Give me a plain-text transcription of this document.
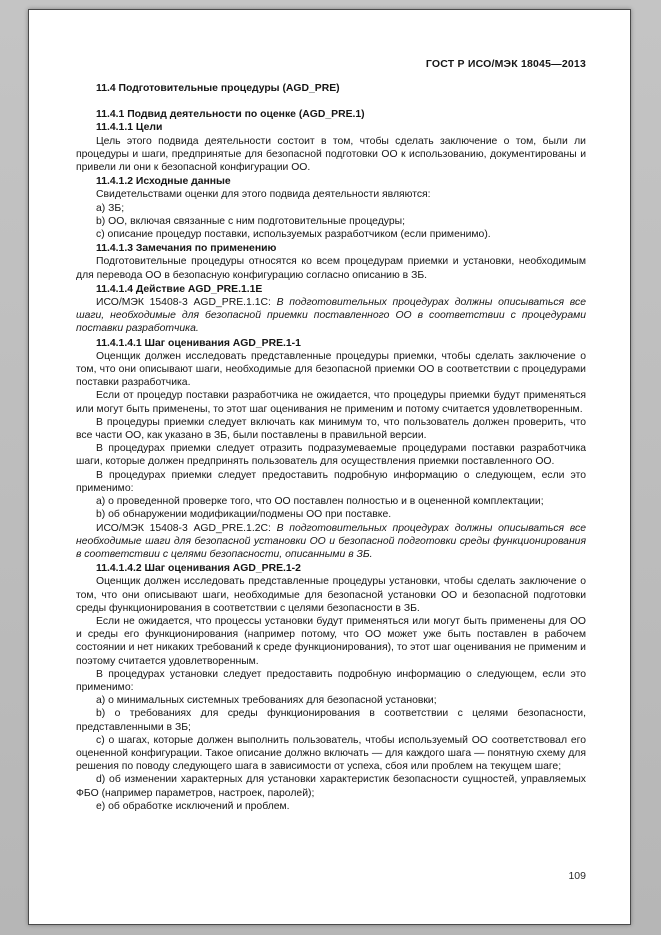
ГОСТ Р ИСО/МЭК 18045—2013

11.4 Подготовительные процедуры (AGD_PRE)

11.4.1 Подвид деятельности по оценке (AGD_PRE.1)

11.4.1.1 Цели

Цель этого подвида деятельности состоит в том, чтобы сделать заключение о том, были ли процедуры и шаги, предпринятые для безопасной подготовки ОО к использованию, документированы и привели ли они к безопасной конфигурации ОО.

11.4.1.2 Исходные данные

Свидетельствами оценки для этого подвида деятельности являются:

a) ЗБ;

b) ОО, включая связанные с ним подготовительные процедуры;

c) описание процедур поставки, используемых разработчиком (если применимо).

11.4.1.3 Замечания по применению

Подготовительные процедуры относятся ко всем процедурам приемки и установки, необходимым для перевода ОО в безопасную конфигурацию согласно описанию в ЗБ.

11.4.1.4 Действие AGD_PRE.1.1E

ИСО/МЭК 15408-3 AGD_PRE.1.1C: В подготовительных процедурах должны описываться все шаги, необходимые для безопасной приемки поставленного ОО в соответствии с процедурами поставки разработчика.

11.4.1.4.1 Шаг оценивания AGD_PRE.1-1

Оценщик должен исследовать представленные процедуры приемки, чтобы сделать заключение о том, что они описывают шаги, необходимые для безопасной приемки ОО в соответствии с процедурами поставки разработчика.

Если от процедур поставки разработчика не ожидается, что процедуры приемки будут применяться или могут быть применены, то этот шаг оценивания не применим и потому считается удовлетворенным.

В процедуры приемки следует включать как минимум то, что пользователь должен проверить, что все части ОО, как указано в ЗБ, были поставлены в правильной версии.

В процедурах приемки следует отразить подразумеваемые процедурами поставки разработчика шаги, которые должен предпринять пользователь для осуществления приемки поставленного ОО.

В процедурах приемки следует предоставить подробную информацию о следующем, если это применимо:

a) о проведенной проверке того, что ОО поставлен полностью и в оцененной комплектации;

b) об обнаружении модификации/подмены ОО при поставке.

ИСО/МЭК 15408-3 AGD_PRE.1.2C: В подготовительных процедурах должны описываться все необходимые шаги для безопасной установки ОО и безопасной подготовки среды функционирования в соответствии с целями безопасности, описанными в ЗБ.

11.4.1.4.2 Шаг оценивания AGD_PRE.1-2

Оценщик должен исследовать представленные процедуры установки, чтобы сделать заключение о том, что они описывают шаги, необходимые для безопасной установки ОО и безопасной подготовки среды функционирования в соответствии с целями безопасности в ЗБ.

Если не ожидается, что процессы установки будут применяться или могут быть применены для ОО и среды его функционирования (например потому, что ОО может уже быть поставлен в рабочем состоянии и нет никаких требований к среде функционирования), то этот шаг оценивания не применим и поэтому считается удовлетворенным.

В процедурах установки следует предоставить подробную информацию о следующем, если это применимо:

a) о минимальных системных требованиях для безопасной установки;

b) о требованиях для среды функционирования в соответствии с целями безопасности, представленными в ЗБ;

c) о шагах, которые должен выполнить пользователь, чтобы используемый ОО соответствовал его оцененной конфигурации. Такое описание должно включать — для каждого шага — понятную схему для решения по поводу следующего шага в зависимости от успеха, сбоя или проблем на текущем шаге;

d) об изменении характерных для установки характеристик безопасности сущностей, управляемых ФБО (например параметров, настроек, паролей);

e) об обработке исключений и проблем.

109
